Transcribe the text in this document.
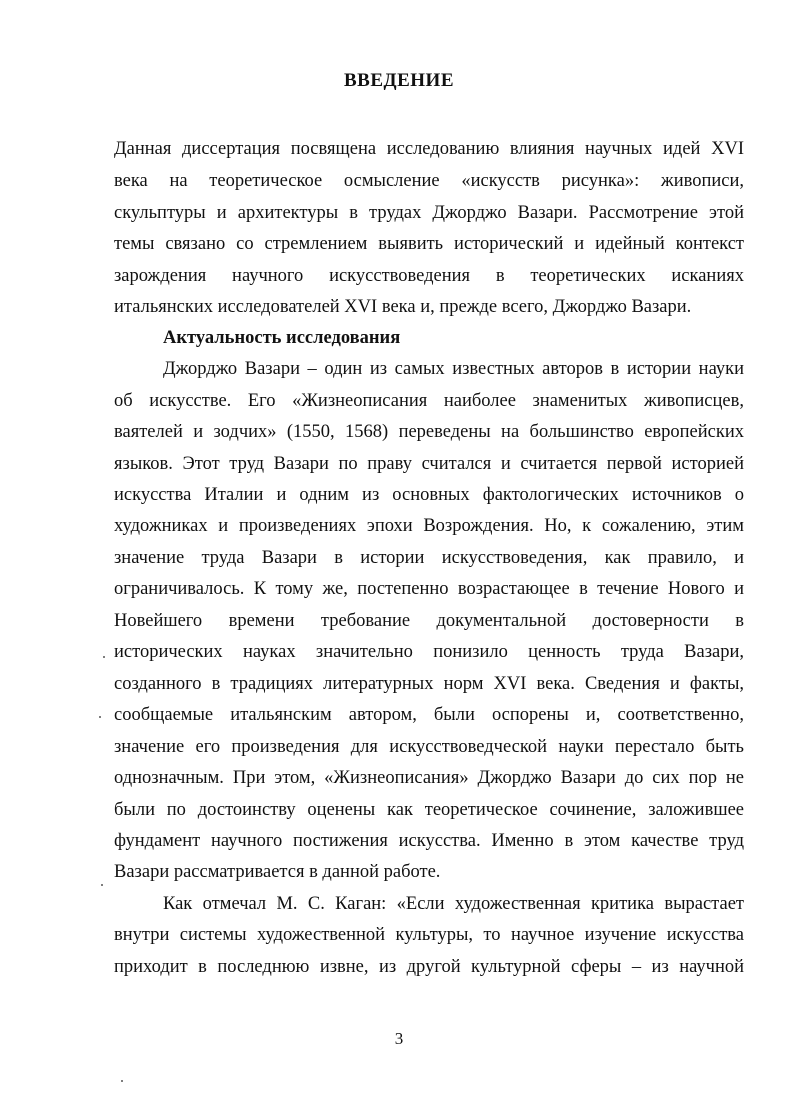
ВВЕДЕНИЕ
Данная диссертация посвящена исследованию влияния научных идей XVI
века на теоретическое осмысление «искусств рисунка»: живописи,
скульптуры и архитектуры в трудах Джорджо Вазари. Рассмотрение этой
темы связано со стремлением выявить исторический и идейный контекст
зарождения научного искусствоведения в теоретических исканиях
итальянских исследователей XVI века и, прежде всего, Джорджо Вазари.
Актуальность исследования
Джорджо Вазари – один из самых известных авторов в истории науки
об искусстве. Его «Жизнеописания наиболее знаменитых живописцев,
ваятелей и зодчих» (1550, 1568) переведены на большинство европейских
языков. Этот труд Вазари по праву считался и считается первой историей
искусства Италии и одним из основных фактологических источников о
художниках и произведениях эпохи Возрождения. Но, к сожалению, этим
значение труда Вазари в истории искусствоведения, как правило, и
ограничивалось. К тому же, постепенно возрастающее в течение Нового и
Новейшего времени требование документальной достоверности в
исторических науках значительно понизило ценность труда Вазари,
созданного в традициях литературных норм XVI века. Сведения и факты,
сообщаемые итальянским автором, были оспорены и, соответственно,
значение его произведения для искусствоведческой науки перестало быть
однозначным. При этом, «Жизнеописания» Джорджо Вазари до сих пор не
были по достоинству оценены как теоретическое сочинение, заложившее
фундамент научного постижения искусства. Именно в этом качестве труд
Вазари рассматривается в данной работе.
Как отмечал М. С. Каган: «Если художественная критика вырастает
внутри системы художественной культуры, то научное изучение искусства
приходит в последнюю извне, из другой культурной сферы – из научной
3
